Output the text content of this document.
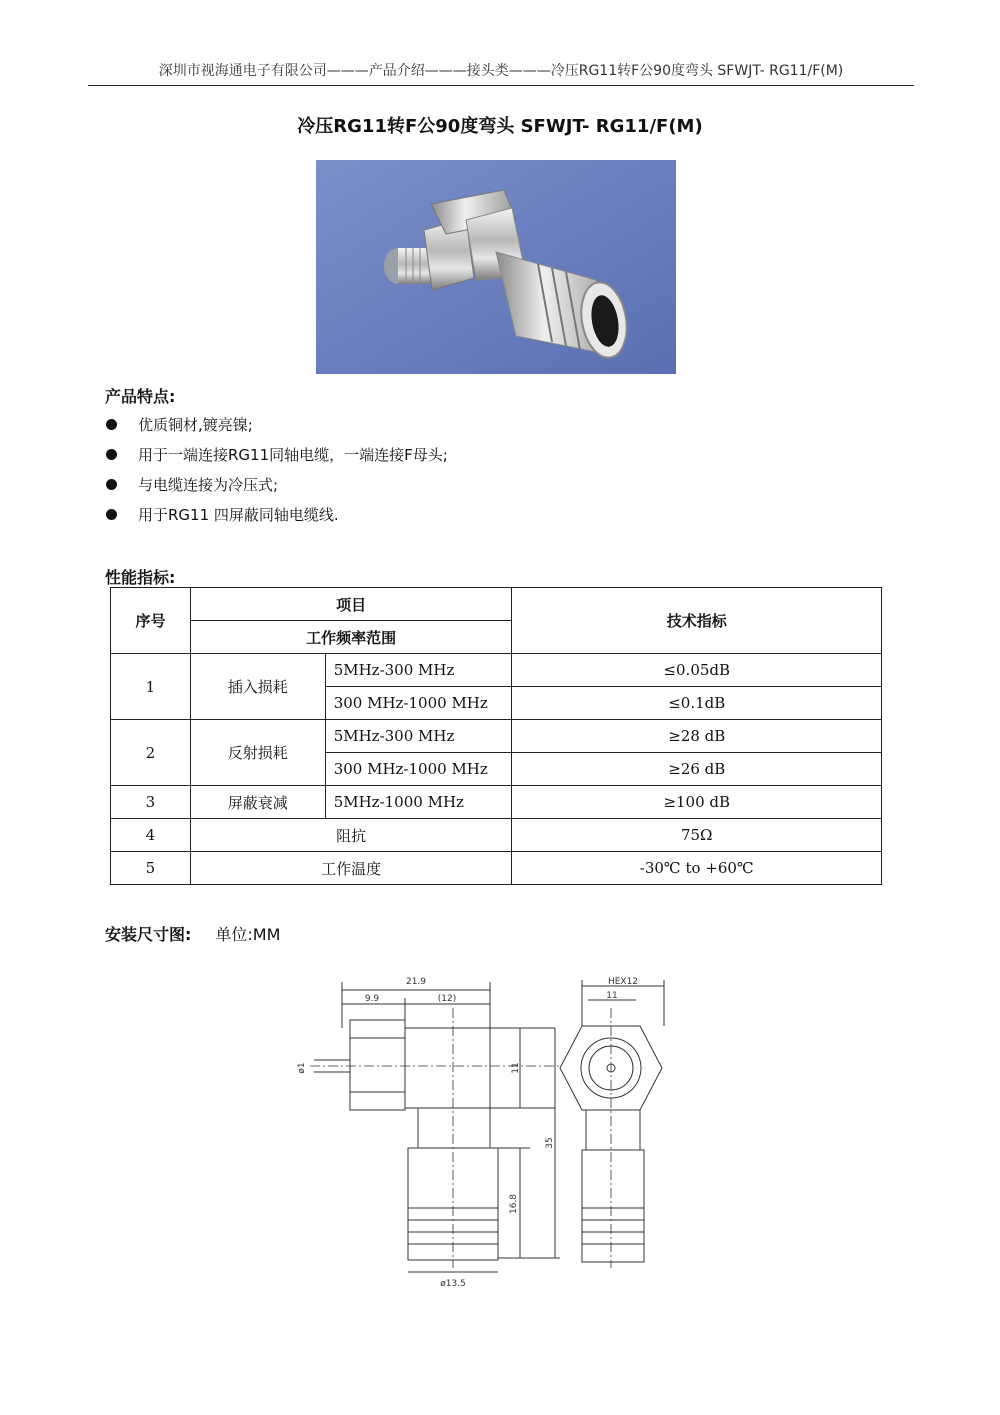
深圳市视海通电子有限公司———产品介绍———接头类———冷压RG11转F公90度弯头 SFWJT- RG11/F(M)
冷压RG11转F公90度弯头 SFWJT- RG11/F(M)
产品特点:
优质铜材,镀亮镍;
用于一端连接RG11同轴电缆，一端连接F母头;
与电缆连接为冷压式;
用于RG11 四屏蔽同轴电缆线.
性能指标:
序号	项目		技术指标
	工作频率范围		
1	插入损耗	5MHz-300 MHz	≤0.05dB
		300 MHz-1000 MHz	≤0.1dB
2	反射损耗	5MHz-300 MHz	≥28 dB
		300 MHz-1000 MHz	≥26 dB
3	屏蔽衰减	5MHz-1000 MHz	≥100 dB
4	阻抗		75Ω
5	工作温度		-30℃ to +60℃
安装尺寸图: 单位:MM
21.9
9.9	(12)
ø1	11
35
16.8
ø13.5
HEX12
11
